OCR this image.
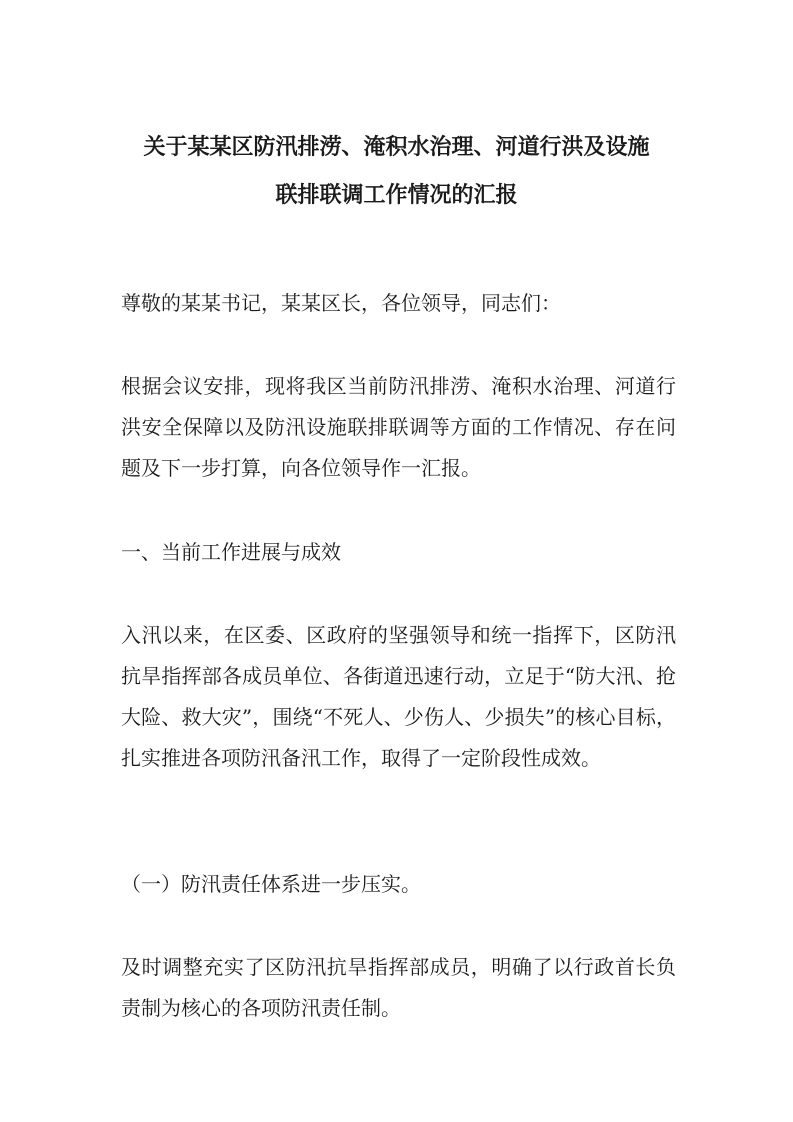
关于某某区防汛排涝、淹积水治理、河道行洪及设施
联排联调工作情况的汇报
尊敬的某某书记，某某区长，各位领导，同志们：
根据会议安排，现将我区当前防汛排涝、淹积水治理、河道行洪安全保障以及防汛设施联排联调等方面的工作情况、存在问题及下一步打算，向各位领导作一汇报。
一、当前工作进展与成效
入汛以来，在区委、区政府的坚强领导和统一指挥下，区防汛抗旱指挥部各成员单位、各街道迅速行动，立足于“防大汛、抢大险、救大灾”，围绕“不死人、少伤人、少损失”的核心目标，扎实推进各项防汛备汛工作，取得了一定阶段性成效。
（一）防汛责任体系进一步压实。
及时调整充实了区防汛抗旱指挥部成员，明确了以行政首长负责制为核心的各项防汛责任制。
